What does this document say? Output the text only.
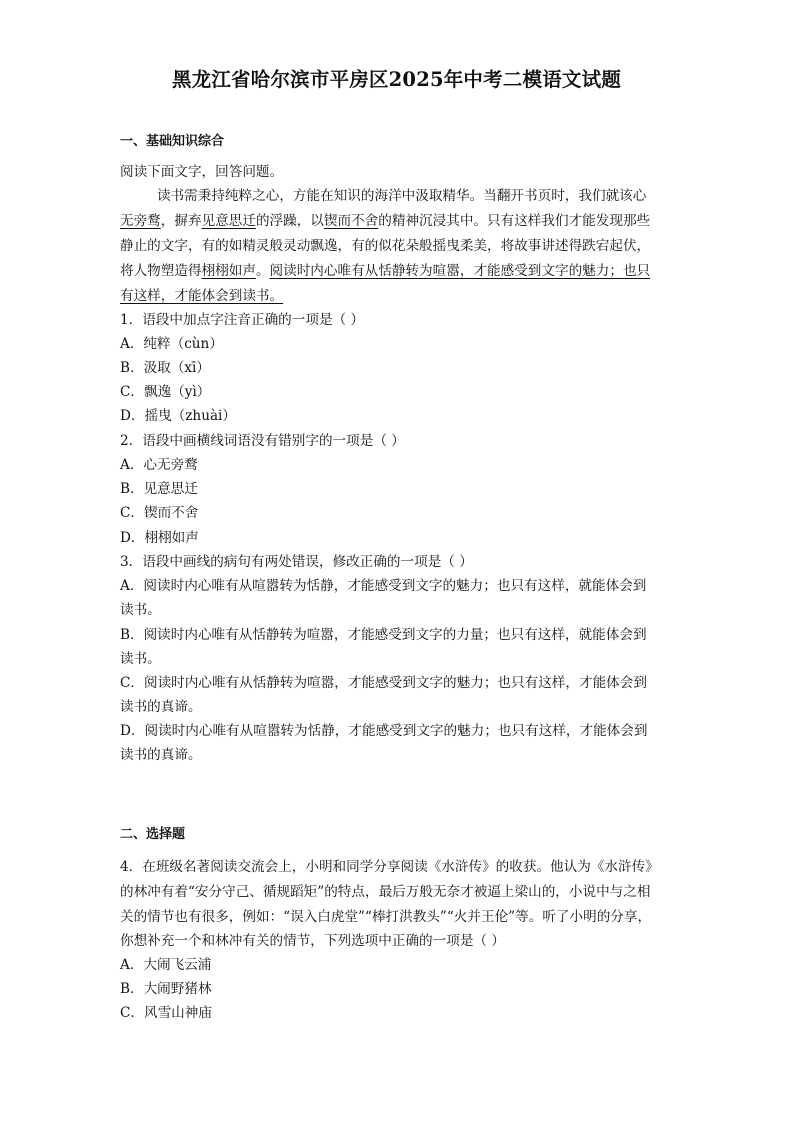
黑龙江省哈尔滨市平房区2025年中考二模语文试题
一、基础知识综合
阅读下面文字，回答问题。
读书需秉持纯粹之心，方能在知识的海洋中汲取精华。当翻开书页时，我们就该心
无旁鹜，摒弃见意思迁的浮躁，以锲而不舍的精神沉浸其中。只有这样我们才能发现那些
静止的文字，有的如精灵般灵动飘逸，有的似花朵般摇曳柔美，将故事讲述得跌宕起伏，
将人物塑造得栩栩如声。阅读时内心唯有从恬静转为喧嚣，才能感受到文字的魅力；也只
有这样，才能体会到读书。
1．语段中加点字注音正确的一项是（ ）
A．纯粹（cùn）
B．汲取（xī）
C．飘逸（yì）
D．摇曳（zhuài）
2．语段中画横线词语没有错别字的一项是（ ）
A．心无旁鹜
B．见意思迁
C．锲而不舍
D．栩栩如声
3．语段中画线的病句有两处错误，修改正确的一项是（ ）
A．阅读时内心唯有从喧嚣转为恬静，才能感受到文字的魅力；也只有这样，就能体会到
读书。
B．阅读时内心唯有从恬静转为喧嚣，才能感受到文字的力量；也只有这样，就能体会到
读书。
C．阅读时内心唯有从恬静转为喧嚣，才能感受到文字的魅力；也只有这样，才能体会到
读书的真谛。
D．阅读时内心唯有从喧嚣转为恬静，才能感受到文字的魅力；也只有这样，才能体会到
读书的真谛。
二、选择题
4．在班级名著阅读交流会上，小明和同学分享阅读《水浒传》的收获。他认为《水浒传》
的林冲有着“安分守己、循规蹈矩”的特点，最后万般无奈才被逼上梁山的，小说中与之相
关的情节也有很多，例如：“误入白虎堂”“棒打洪教头”“火并王伦”等。听了小明的分享，
你想补充一个和林冲有关的情节，下列选项中正确的一项是（ ）
A．大闹飞云浦
B．大闹野猪林
C．风雪山神庙
